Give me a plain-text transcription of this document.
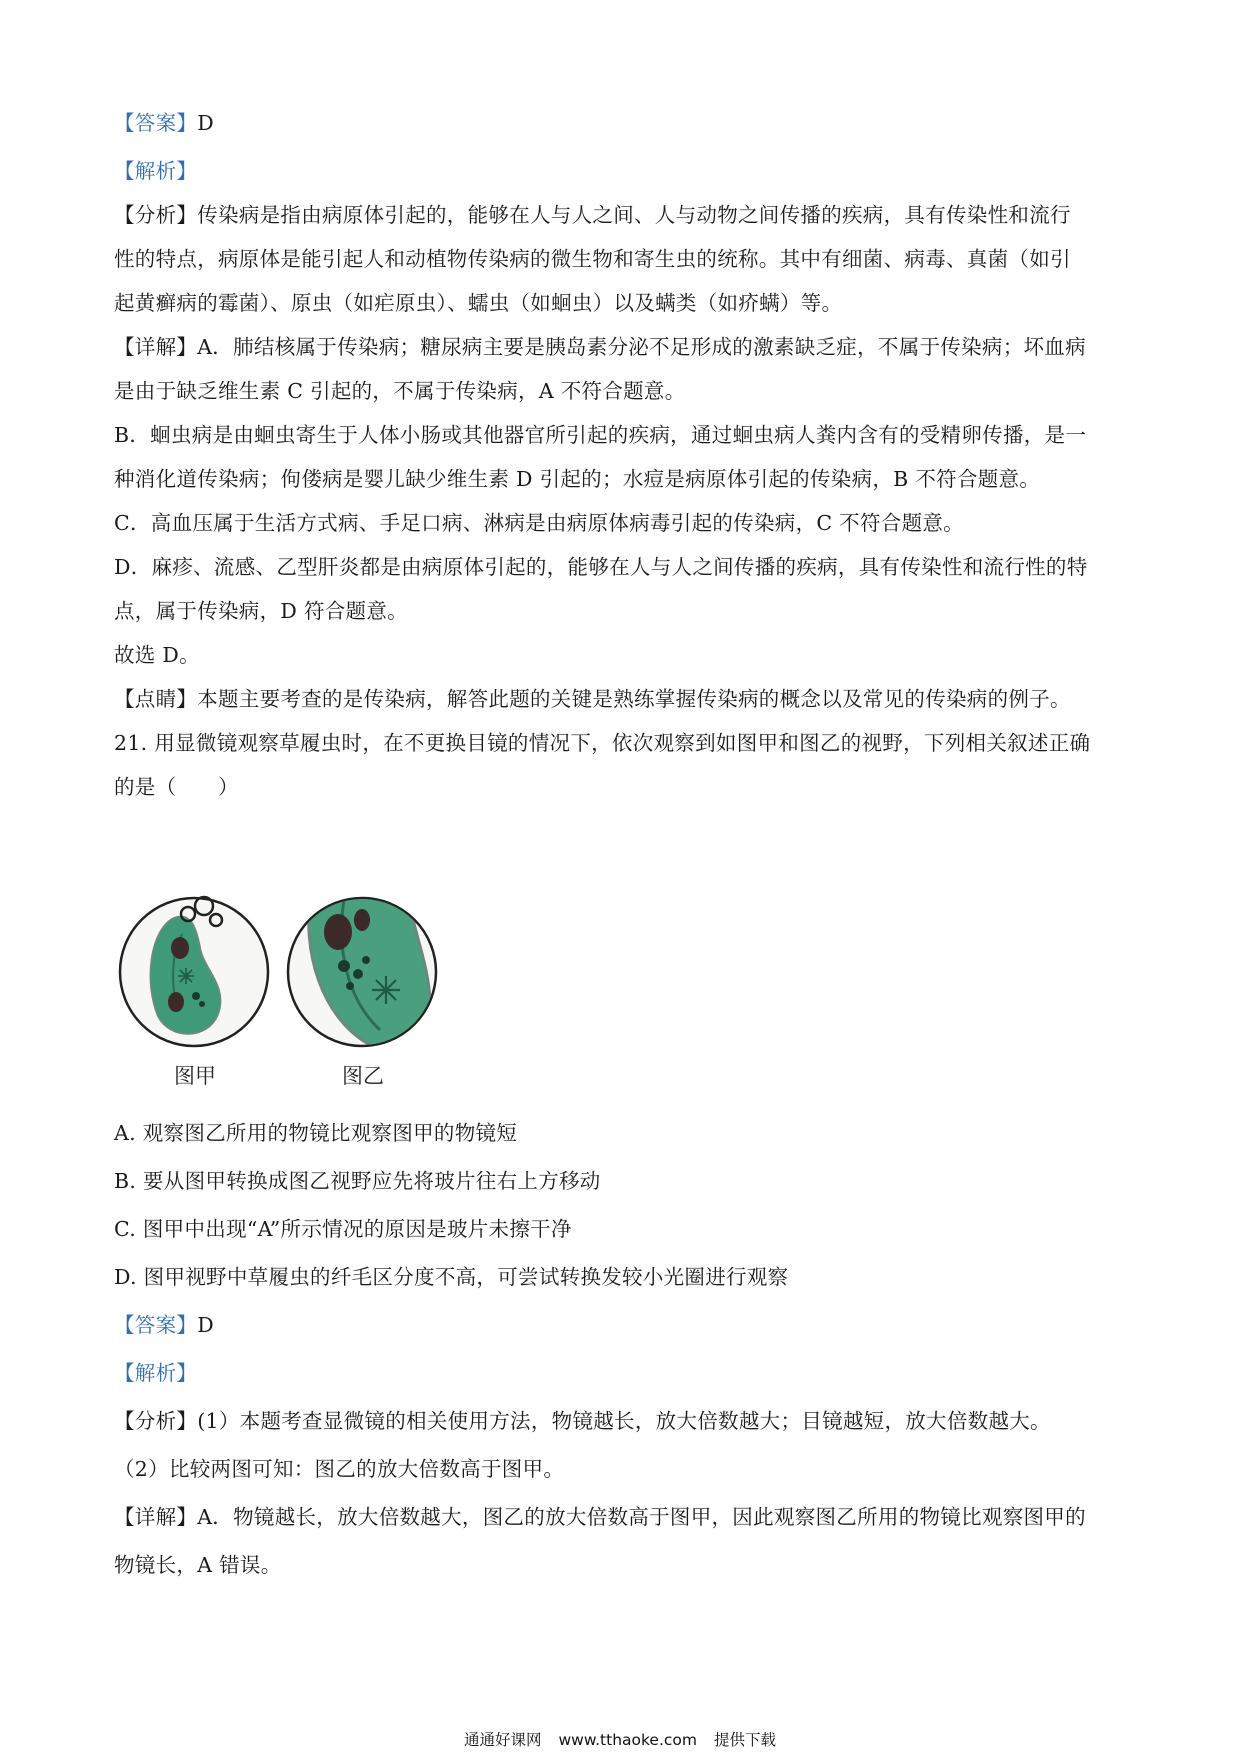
【答案】D
【解析】
【分析】传染病是指由病原体引起的，能够在人与人之间、人与动物之间传播的疾病，具有传染性和流行
性的特点，病原体是能引起人和动植物传染病的微生物和寄生虫的统称。其中有细菌、病毒、真菌（如引
起黄癣病的霉菌）、原虫（如疟原虫）、蠕虫（如蛔虫）以及螨类（如疥螨）等。
【详解】A．肺结核属于传染病；糖尿病主要是胰岛素分泌不足形成的激素缺乏症，不属于传染病；坏血病
是由于缺乏维生素 C 引起的，不属于传染病，A 不符合题意。
B．蛔虫病是由蛔虫寄生于人体小肠或其他器官所引起的疾病，通过蛔虫病人粪内含有的受精卵传播，是一
种消化道传染病；佝偻病是婴儿缺少维生素 D 引起的；水痘是病原体引起的传染病，B 不符合题意。
C．高血压属于生活方式病、手足口病、淋病是由病原体病毒引起的传染病，C 不符合题意。
D．麻疹、流感、乙型肝炎都是由病原体引起的，能够在人与人之间传播的疾病，具有传染性和流行性的特
点，属于传染病，D 符合题意。
故选 D。
【点睛】本题主要考查的是传染病，解答此题的关键是熟练掌握传染病的概念以及常见的传染病的例子。
21. 用显微镜观察草履虫时，在不更换目镜的情况下，依次观察到如图甲和图乙的视野，下列相关叙述正确
的是（　　）
图甲	图乙
A. 观察图乙所用的物镜比观察图甲的物镜短
B. 要从图甲转换成图乙视野应先将玻片往右上方移动
C. 图甲中出现“A”所示情况的原因是玻片未擦干净
D. 图甲视野中草履虫的纤毛区分度不高，可尝试转换发较小光圈进行观察
【答案】D
【解析】
【分析】(1）本题考查显微镜的相关使用方法，物镜越长，放大倍数越大；目镜越短，放大倍数越大。
（2）比较两图可知：图乙的放大倍数高于图甲。
【详解】A．物镜越长，放大倍数越大，图乙的放大倍数高于图甲，因此观察图乙所用的物镜比观察图甲的
物镜长，A 错误。
通通好课网 www.tthaoke.com 提供下载
